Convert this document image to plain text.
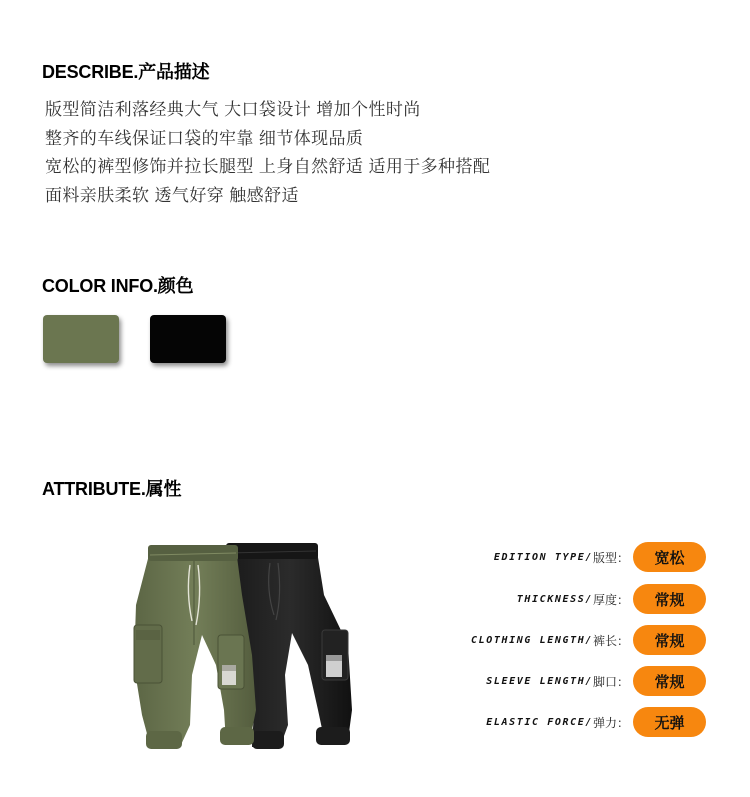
DESCRIBE.产品描述
版型简洁利落经典大气 大口袋设计 增加个性时尚
整齐的车线保证口袋的牢靠 细节体现品质
宽松的裤型修饰并拉长腿型 上身自然舒适 适用于多种搭配
面料亲肤柔软 透气好穿 触感舒适
COLOR INFO.颜色
ATTRIBUTE.属性
EDITION TYPE/ 版型：	宽松
THICKNESS/ 厚度：	常规
CLOTHING LENGTH/ 裤长：	常规
SLEEVE LENGTH/ 脚口：	常规
ELASTIC FORCE/ 弹力：	无弹
